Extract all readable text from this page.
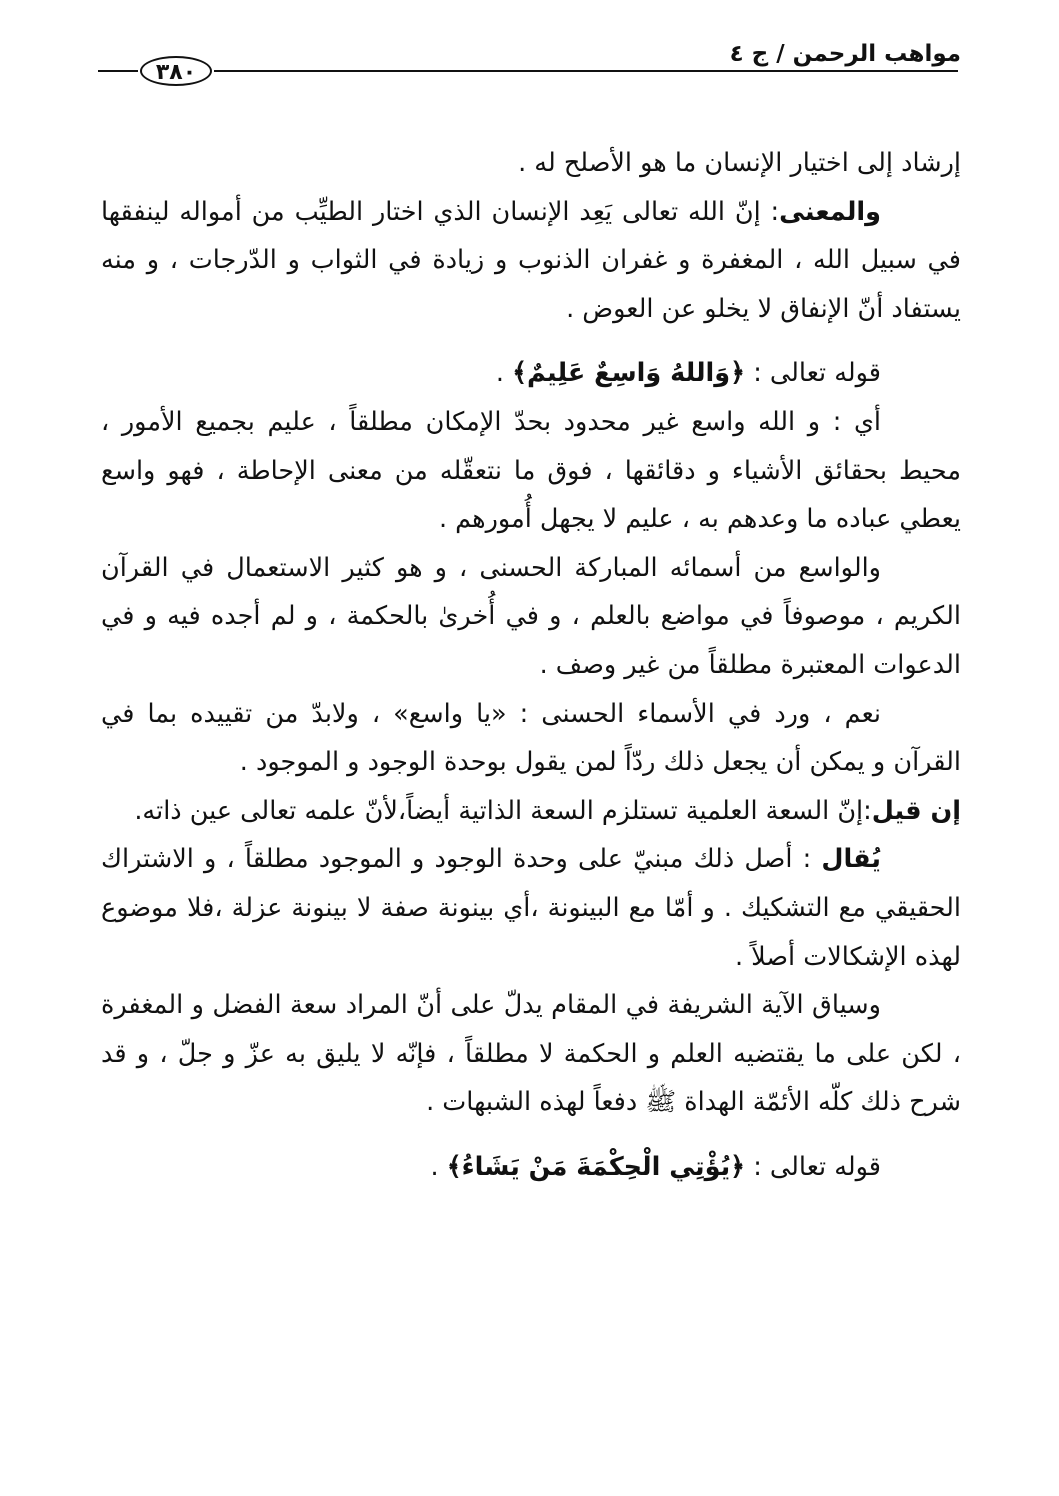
٣٨٠
مواهب الرحمن / ج ٤

إرشاد إلى اختيار الإنسان ما هو الأصلح له .

والمعنى: إنّ الله تعالى يَعِد الإنسان الذي اختار الطيِّب من أمواله لينفقها في سبيل الله ، المغفرة و غفران الذنوب و زيادة في الثواب و الدّرجات ، و منه يستفاد أنّ الإنفاق لا يخلو عن العوض .

قوله تعالى : ﴿وَاللهُ وَاسِعٌ عَلِيمٌ﴾ .

أي : و الله واسع غير محدود بحدّ الإمكان مطلقاً ، عليم بجميع الأمور ، محيط بحقائق الأشياء و دقائقها ، فوق ما نتعقّله من معنى الإحاطة ، فهو واسع يعطي عباده ما وعدهم به ، عليم لا يجهل أُمورهم .

والواسع من أسمائه المباركة الحسنى ، و هو كثير الاستعمال في القرآن الكريم ، موصوفاً في مواضع بالعلم ، و في أُخرىٰ بالحكمة ، و لم أجده فيه و في الدعوات المعتبرة مطلقاً من غير وصف .

نعم ، ورد في الأسماء الحسنى : «يا واسع» ، ولابدّ من تقييده بما في القرآن و يمكن أن يجعل ذلك ردّاً لمن يقول بوحدة الوجود و الموجود .

إن قيل:إنّ السعة العلمية تستلزم السعة الذاتية أيضاً،لأنّ علمه تعالى عين ذاته.

يُقال : أصل ذلك مبنيّ على وحدة الوجود و الموجود مطلقاً ، و الاشتراك الحقيقي مع التشكيك . و أمّا مع البينونة ،أي بينونة صفة لا بينونة عزلة ،فلا موضوع لهذه الإشكالات أصلاً .

وسياق الآية الشريفة في المقام يدلّ على أنّ المراد سعة الفضل و المغفرة ، لكن على ما يقتضيه العلم و الحكمة لا مطلقاً ، فإنّه لا يليق به عزّ و جلّ ، و قد شرح ذلك كلّه الأئمّة الهداة ﷺ دفعاً لهذه الشبهات .

قوله تعالى : ﴿يُؤْتِي الْحِكْمَةَ مَنْ يَشَاءُ﴾ .
